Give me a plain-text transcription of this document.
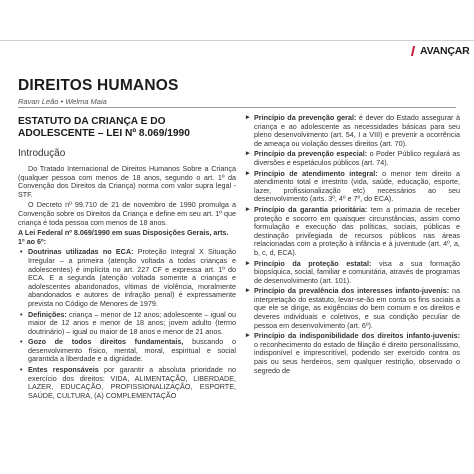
AVANÇAR
DIREITOS HUMANOS
Ravan Leão • Welma Maia
ESTATUTO DA CRIANÇA E DO
ADOLESCENTE – LEI Nº 8.069/1990
Introdução

Do Tratado Internacional de Direitos Humanos Sobre a Criança (qualquer pessoa com menos de 18 anos, segundo o art. 1º da Convenção dos Direitos da Criança) norma com valor supra legal - STF.

O Decreto nº 99.710 de 21 de novembro de 1990 promulga a Convenção sobre os Direitos da Criança e define em seu art. 1º que criança é toda pessoa com menos de 18 anos.

A Lei Federal nº 8.069/1990 em suas Disposições Gerais, arts. 1º ao 6º:

• Doutrinas utilizadas no ECA: Proteção Integral X Situação Irregular – a primeira (atenção voltada a todas crianças e adolescentes) é implícita no art. 227 CF e expressa art. 1º do ECA. E a segunda (atenção voltada somente a crianças e adolescentes abandonados, vítimas de violência, moralmente abandonados e autores de infração penal) é expressamente prevista no Código de Menores de 1979.
• Definições: criança – menor de 12 anos; adolescente – igual ou maior de 12 anos e menor de 18 anos; jovem adulto (termo doutrinário) – igual ou maior de 18 anos e menor de 21 anos.
• Gozo de todos direitos fundamentais, buscando o desenvolvimento físico, mental, moral, espiritual e social garantida a liberdade e a dignidade.
• Entes responsáveis por garantir a absoluta prioridade no exercício dos direitos: VIDA, ALIMENTAÇÃO, LIBERDADE, LAZER, EDUCAÇÃO, PROFISSIONALIZAÇÃO, ESPORTE, SAÚDE, CULTURA, (A) COMPLEMENTAÇÃO
▸ Princípio da prevenção geral: é dever do Estado assegurar à criança e ao adolescente as necessidades básicas para seu pleno desenvolvimento (art. 54, I a VIII) e prevenir a ocorrência de ameaça ou violação desses direitos (art. 70).
▸ Princípio da prevenção especial: o Poder Público regulará as diversões e espetáculos públicos (art. 74).
▸ Princípio de atendimento integral: o menor tem direito a atendimento total e irrestrito (vida, saúde, educação, esporte, lazer, profissionalização etc) necessários ao seu desenvolvimento (arts. 3º, 4º e 7º, do ECA).
▸ Princípio da garantia prioritária: tem a primazia de receber proteção e socorro em quaisquer circunstâncias, assim como formulação e execução das políticas, sociais, públicas e destinação privilegiada de recursos públicos nas áreas relacionadas com a proteção à infância e à juventude (art. 4º, a, b, c, d, ECA).
▸ Princípio da proteção estatal: visa a sua formação biopsíquica, social, familiar e comunitária, através de programas de desenvolvimento (art. 101).
▸ Princípio da prevalência dos interesses infanto-juvenis: na interpretação do estatuto, levar-se-ão em conta os fins sociais a que ele se dirige, as exigências do bem comum e os direitos e deveres individuais e coletivos, e sua condição peculiar de pessoa em desenvolvimento (art. 6º).
▸ Princípio da indisponibilidade dos direitos infanto-juvenis: o reconhecimento do estado de filiação é direito personalíssimo, indisponível e imprescritível, podendo ser exercido contra os pais ou seus herdeiros, sem qualquer restrição, observado o segredo de
